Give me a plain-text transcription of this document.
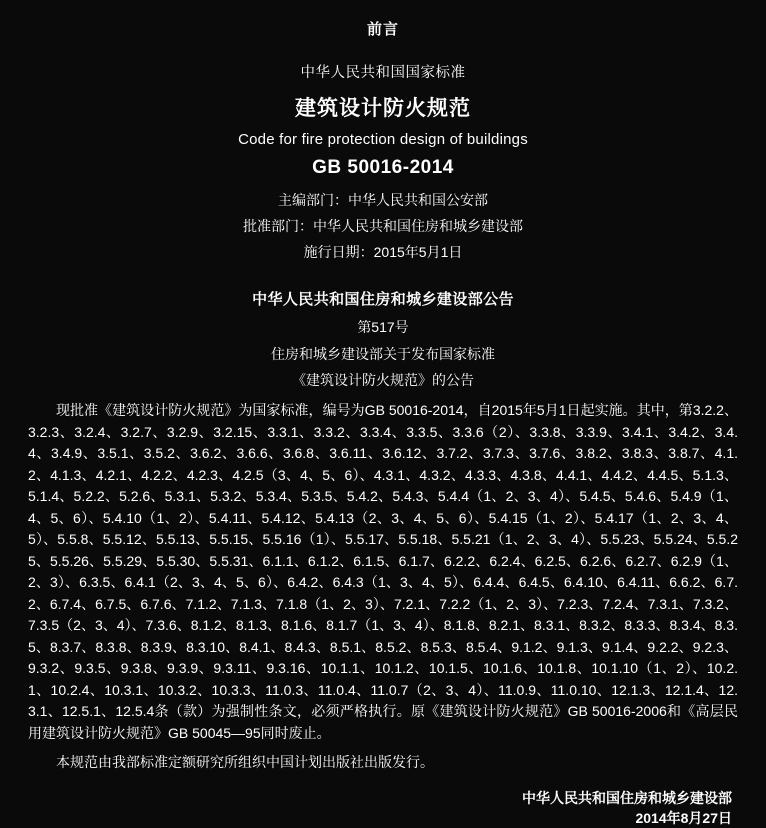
前言
中华人民共和国国家标准
建筑设计防火规范
Code for fire protection design of buildings
GB 50016-2014
主编部门：中华人民共和国公安部
批准部门：中华人民共和国住房和城乡建设部
施行日期：2015年5月1日
中华人民共和国住房和城乡建设部公告
第517号
住房和城乡建设部关于发布国家标准
《建筑设计防火规范》的公告

现批准《建筑设计防火规范》为国家标准，编号为GB 50016-2014，自2015年5月1日起实施。其中，第3.2.2、3.2.3、3.2.4、3.2.7、3.2.9、3.2.15、3.3.1、3.3.2、3.3.4、3.3.5、3.3.6（2）、3.3.8、3.3.9、3.4.1、3.4.2、3.4.4、3.4.9、3.5.1、3.5.2、3.6.2、3.6.6、3.6.8、3.6.11、3.6.12、3.7.2、3.7.3、3.7.6、3.8.2、3.8.3、3.8.7、4.1.2、4.1.3、4.2.1、4.2.2、4.2.3、4.2.5（3、4、5、6）、4.3.1、4.3.2、4.3.3、4.3.8、4.4.1、4.4.2、4.4.5、5.1.3、5.1.4、5.2.2、5.2.6、5.3.1、5.3.2、5.3.4、5.3.5、5.4.2、5.4.3、5.4.4（1、2、3、4）、5.4.5、5.4.6、5.4.9（1、4、5、6）、5.4.10（1、2）、5.4.11、5.4.12、5.4.13（2、3、4、5、6）、5.4.15（1、2）、5.4.17（1、2、3、4、5）、5.5.8、5.5.12、5.5.13、5.5.15、5.5.16（1）、5.5.17、5.5.18、5.5.21（1、2、3、4）、5.5.23、5.5.24、5.5.25、5.5.26、5.5.29、5.5.30、5.5.31、6.1.1、6.1.2、6.1.5、6.1.7、6.2.2、6.2.4、6.2.5、6.2.6、6.2.7、6.2.9（1、2、3）、6.3.5、6.4.1（2、3、4、5、6）、6.4.2、6.4.3（1、3、4、5）、6.4.4、6.4.5、6.4.10、6.4.11、6.6.2、6.7.2、6.7.4、6.7.5、6.7.6、7.1.2、7.1.3、7.1.8（1、2、3）、7.2.1、7.2.2（1、2、3）、7.2.3、7.2.4、7.3.1、7.3.2、7.3.5（2、3、4）、7.3.6、8.1.2、8.1.3、8.1.6、8.1.7（1、3、4）、8.1.8、8.2.1、8.3.1、8.3.2、8.3.3、8.3.4、8.3.5、8.3.7、8.3.8、8.3.9、8.3.10、8.4.1、8.4.3、8.5.1、8.5.2、8.5.3、8.5.4、9.1.2、9.1.3、9.1.4、9.2.2、9.2.3、9.3.2、9.3.5、9.3.8、9.3.9、9.3.11、9.3.16、10.1.1、10.1.2、10.1.5、10.1.6、10.1.8、10.1.10（1、2）、10.2.1、10.2.4、10.3.1、10.3.2、10.3.3、11.0.3、11.0.4、11.0.7（2、3、4）、11.0.9、11.0.10、12.1.3、12.1.4、12.3.1、12.5.1、12.5.4条（款）为强制性条文，必须严格执行。原《建筑设计防火规范》GB 50016-2006和《高层民用建筑设计防火规范》GB 50045—95同时废止。

本规范由我部标准定额研究所组织中国计划出版社出版发行。

中华人民共和国住房和城乡建设部
2014年8月27日
